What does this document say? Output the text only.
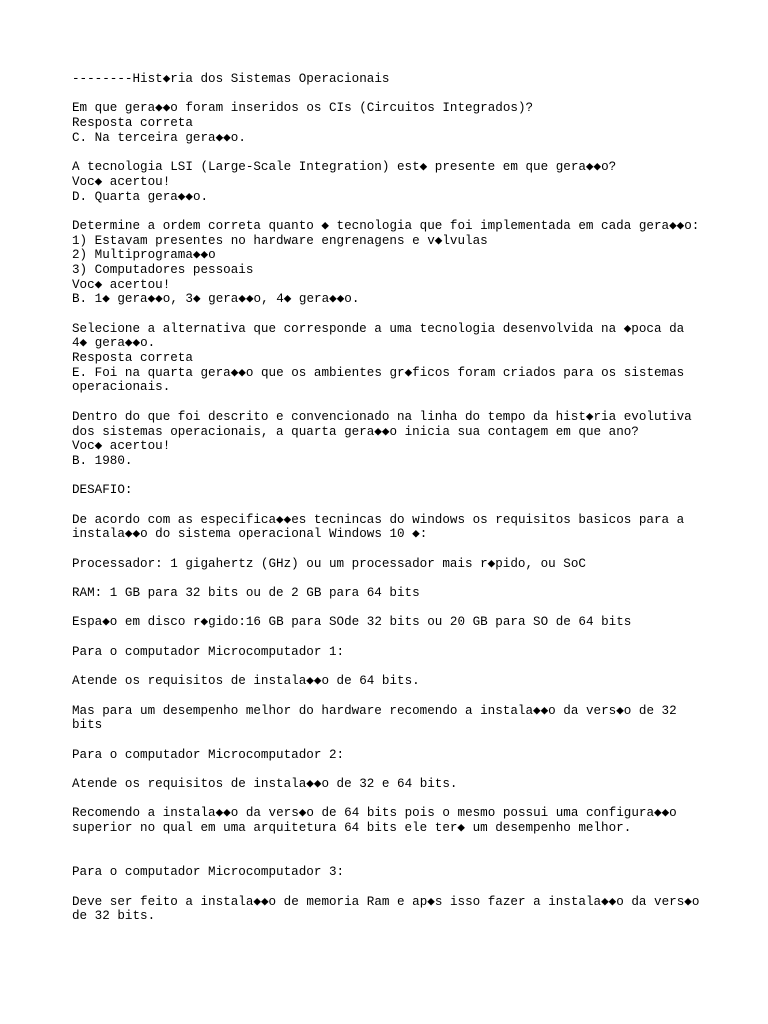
--------Hist◆ria dos Sistemas Operacionais
Em que gera◆◆o foram inseridos os CIs (Circuitos Integrados)?
Resposta correta
C. Na terceira gera◆◆o.
A tecnologia LSI (Large-Scale Integration) est◆ presente em que gera◆◆o?
Voc◆ acertou!
D. Quarta gera◆◆o.
Determine a ordem correta quanto ◆ tecnologia que foi implementada em cada gera◆◆o:
1) Estavam presentes no hardware engrenagens e v◆lvulas
2) Multiprograma◆◆o
3) Computadores pessoais
Voc◆ acertou!
B. 1◆ gera◆◆o, 3◆ gera◆◆o, 4◆ gera◆◆o.
Selecione a alternativa que corresponde a uma tecnologia desenvolvida na ◆poca da
4◆ gera◆◆o.
Resposta correta
E. Foi na quarta gera◆◆o que os ambientes gr◆ficos foram criados para os sistemas
operacionais.
Dentro do que foi descrito e convencionado na linha do tempo da hist◆ria evolutiva
dos sistemas operacionais, a quarta gera◆◆o inicia sua contagem em que ano?
Voc◆ acertou!
B. 1980.
DESAFIO:
De acordo com as especifica◆◆es tecnincas do windows os requisitos basicos para a
instala◆◆o do sistema operacional Windows 10 ◆:
Processador: 1 gigahertz (GHz) ou um processador mais r◆pido, ou SoC
RAM: 1 GB para 32 bits ou de 2 GB para 64 bits
Espa◆o em disco r◆gido:16 GB para SOde 32 bits ou 20 GB para SO de 64 bits
Para o computador Microcomputador 1:
Atende os requisitos de instala◆◆o de 64 bits.
Mas para um desempenho melhor do hardware recomendo a instala◆◆o da vers◆o de 32
bits
Para o computador Microcomputador 2:
Atende os requisitos de instala◆◆o de 32 e 64 bits.
Recomendo a instala◆◆o da vers◆o de 64 bits pois o mesmo possui uma configura◆◆o
superior no qual em uma arquitetura 64 bits ele ter◆ um desempenho melhor.
Para o computador Microcomputador 3:
Deve ser feito a instala◆◆o de memoria Ram e ap◆s isso fazer a instala◆◆o da vers◆o
de 32 bits.
